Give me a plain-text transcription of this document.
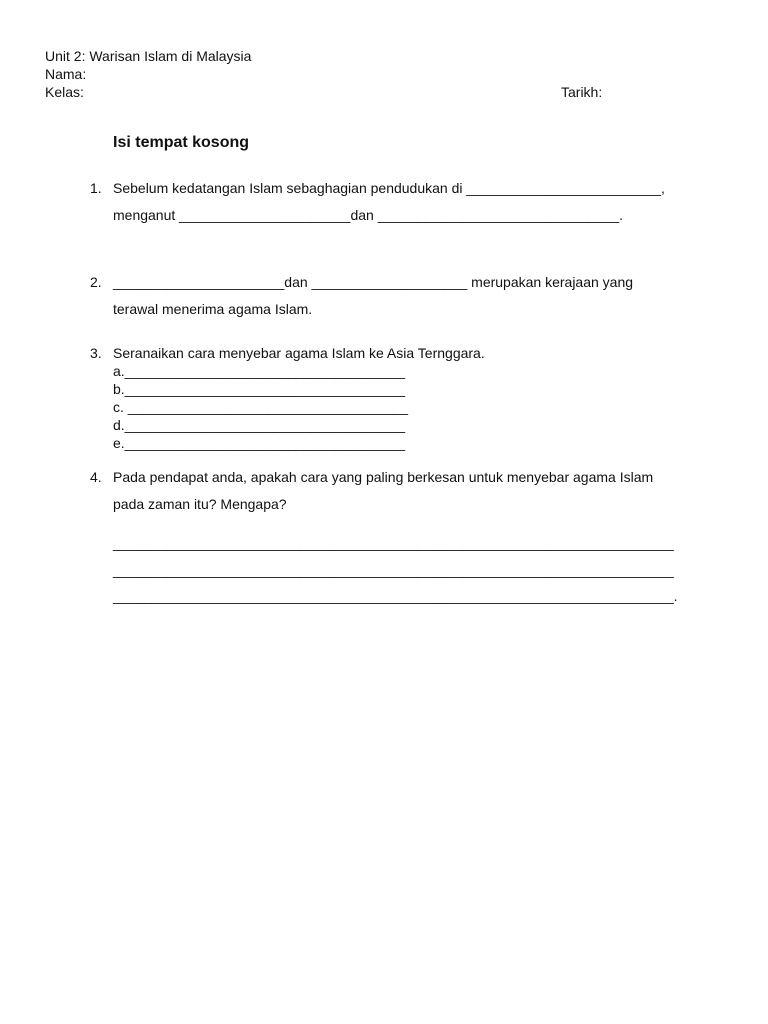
Unit 2: Warisan Islam di Malaysia
Nama:
Kelas:	Tarikh:
Isi tempat kosong
1. Sebelum kedatangan Islam sebaghagian pendudukan di _________________________,
menganut ______________________dan _______________________________.
2. ______________________dan ____________________ merupakan kerajaan yang
terawal menerima agama Islam.
3. Seranaikan cara menyebar agama Islam ke Asia Ternggara.
a.____________________________________
b.____________________________________
c. ____________________________________
d.____________________________________
e.____________________________________
4. Pada pendapat anda, apakah cara yang paling berkesan untuk menyebar agama Islam
pada zaman itu? Mengapa?
________________________________________________________________________
________________________________________________________________________
________________________________________________________________________.
